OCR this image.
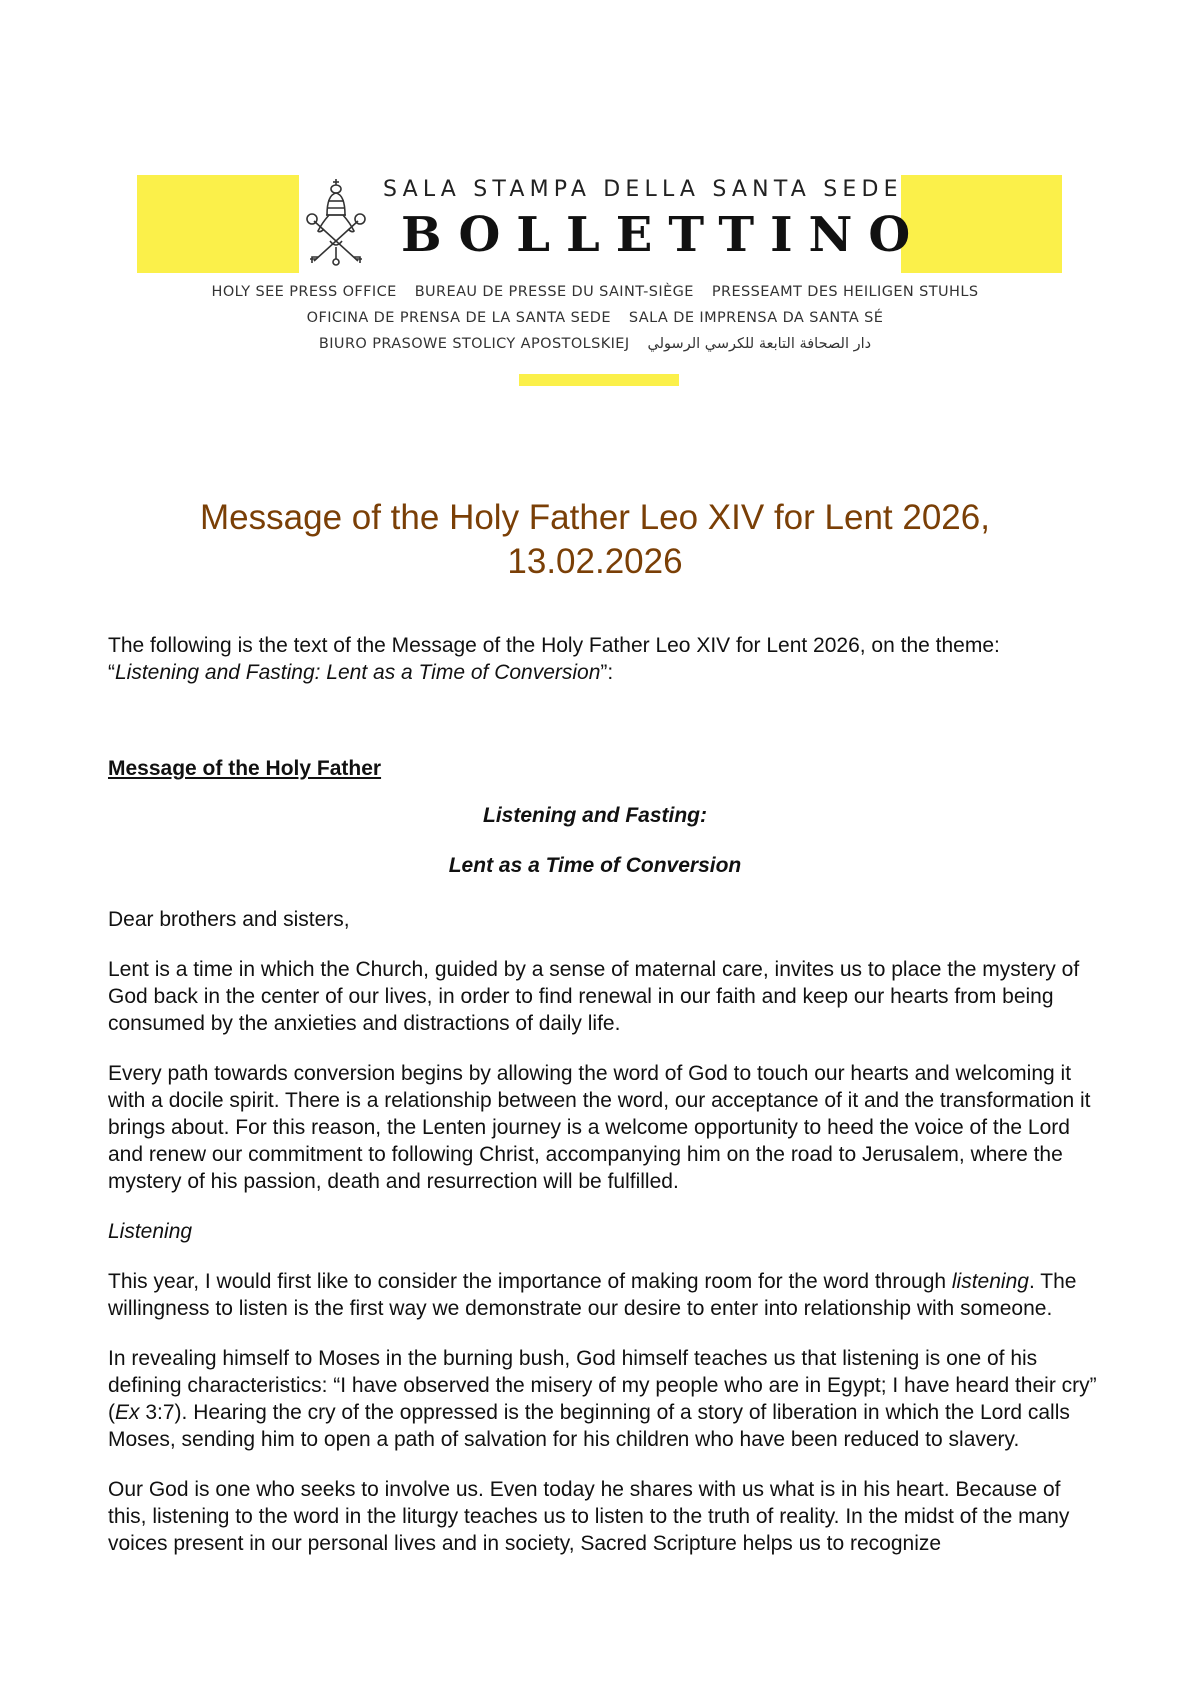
SALA STAMPA DELLA SANTA SEDE
BOLLETTINO
HOLY SEE PRESS OFFICE BUREAU DE PRESSE DU SAINT-SIÈGE PRESSEAMT DES HEILIGEN STUHLS
OFICINA DE PRENSA DE LA SANTA SEDE SALA DE IMPRENSA DA SANTA SÉ
BIURO PRASOWE STOLICY APOSTOLSKIEJ دار الصحافة التابعة للكرسي الرسولي
Message of the Holy Father Leo XIV for Lent 2026,
13.02.2026

The following is the text of the Message of the Holy Father Leo XIV for Lent 2026, on the theme:
“Listening and Fasting: Lent as a Time of Conversion”:

Message of the Holy Father
Listening and Fasting:
Lent as a Time of Conversion

Dear brothers and sisters,

Lent is a time in which the Church, guided by a sense of maternal care, invites us to place the mystery of God back in the center of our lives, in order to find renewal in our faith and keep our hearts from being consumed by the anxieties and distractions of daily life.

Every path towards conversion begins by allowing the word of God to touch our hearts and welcoming it with a docile spirit. There is a relationship between the word, our acceptance of it and the transformation it brings about. For this reason, the Lenten journey is a welcome opportunity to heed the voice of the Lord and renew our commitment to following Christ, accompanying him on the road to Jerusalem, where the mystery of his passion, death and resurrection will be fulfilled.

Listening

This year, I would first like to consider the importance of making room for the word through listening. The willingness to listen is the first way we demonstrate our desire to enter into relationship with someone.

In revealing himself to Moses in the burning bush, God himself teaches us that listening is one of his defining characteristics: “I have observed the misery of my people who are in Egypt; I have heard their cry” (Ex 3:7). Hearing the cry of the oppressed is the beginning of a story of liberation in which the Lord calls Moses, sending him to open a path of salvation for his children who have been reduced to slavery.

Our God is one who seeks to involve us. Even today he shares with us what is in his heart. Because of this, listening to the word in the liturgy teaches us to listen to the truth of reality. In the midst of the many voices present in our personal lives and in society, Sacred Scripture helps us to recognize
